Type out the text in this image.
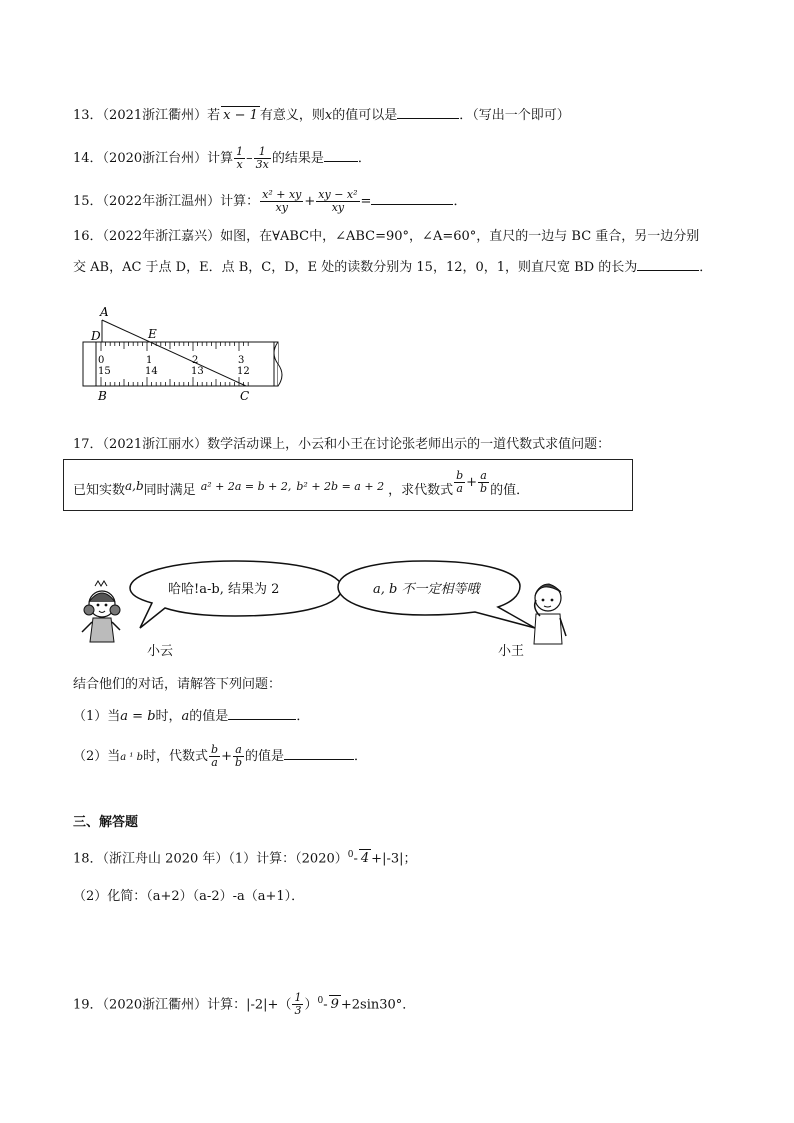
13．（2021浙江衢州）若 x − 1 有意义，则x的值可以是	．（写出一个即可）
14．（2020浙江台州）计算 $\frac{1}{x} - \frac{1}{3x}$ 的结果是	．
15．（2022年浙江温州）计算： $\frac{\text{x² + xy}}{xy} + \frac{\text{xy − x²}}{xy}$ =	．
16．（2022年浙江嘉兴）如图，在∀ABC中，∠ABC=90°，∠A=60°，直尺的一边与 BC 重合，另一边分别
交 AB，AC 于点 D，E．点 B，C，D，E 处的读数分别为 15，12，0，1，则直尺宽 BD 的长为	．
A
D	E
B	C
0	1	2	3
15	14	13	12
17．（2021浙江丽水）数学活动课上，小云和小王在讨论张老师出示的一道代数式求值问题：
已知实数a,b同时满足 $^{a^2 + 2a = b + 2,}$ $^{b^2 + 2b = a + 2}$ ，求代数式 $\frac{b}{a} + \frac{a}{b}$ 的值．
哈哈!a-b, 结果为 2	a, b 不一定相等哦
小云	小王
结合他们的对话，请解答下列问题：
（1）当a = b时，a的值是	．
（2）当a ¹ b时，代数式 $\frac{b}{a} + \frac{a}{b}$ 的值是	．
三、解答题
18．（浙江舟山 2020 年）（1）计算：$(2020)^0-$ 4 +|-3|；
（2）化简：（a+2）（a-2）-a（a+1）．
19．（2020浙江衢州）计算：$|-2|+( \frac{1}{3} )^0-$ 9 +2sin30°．
